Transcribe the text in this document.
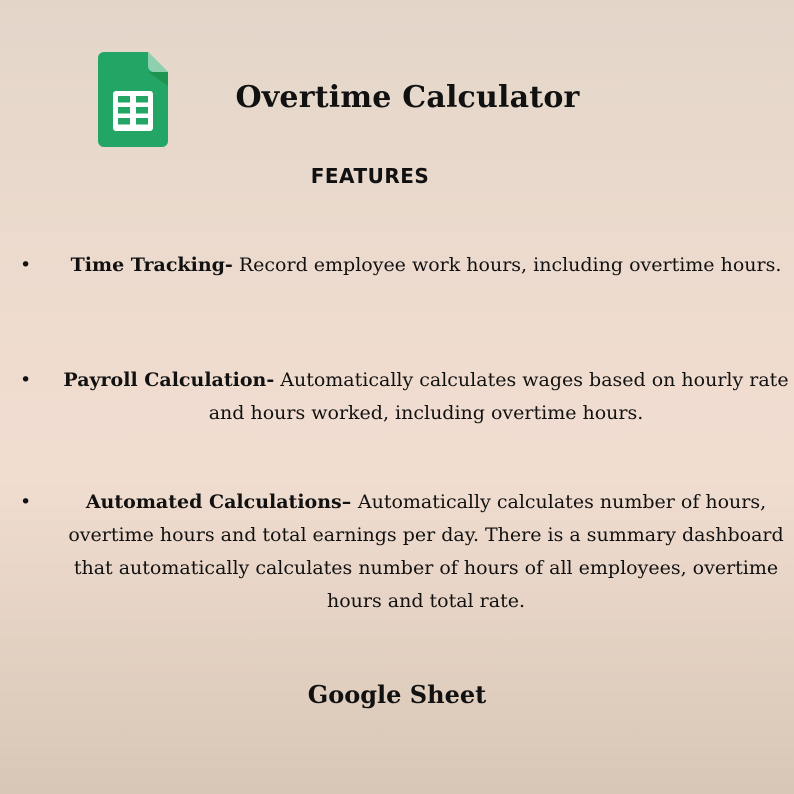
Overtime Calculator
FEATURES
•	Time Tracking- Record employee work hours, including overtime hours.
• Payroll Calculation- Automatically calculates wages based on hourly rate and hours worked, including overtime hours.
•	Automated Calculations– Automatically calculates number of hours, overtime hours and total earnings per day. There is a summary dashboard that automatically calculates number of hours of all employees, overtime hours and total rate.
Google Sheet
